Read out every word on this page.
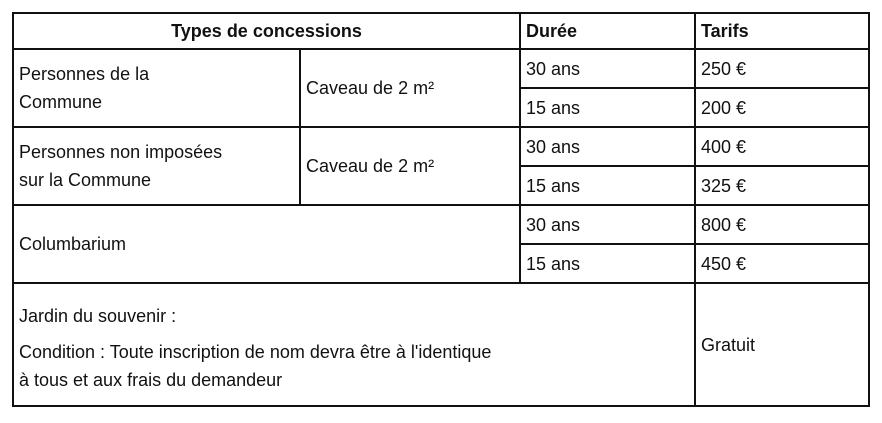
Types de concessions		Durée	Tarifs

Personnes de la
Commune	Caveau de 2 m²	30 ans	250 €
		15 ans	200 €

Personnes non imposées
sur la Commune	Caveau de 2 m²	30 ans	400 €
		15 ans	325 €
Columbarium		30 ans	800 €
		15 ans	450 €

Jardin du souvenir :
Condition : Toute inscription de nom devra être à l'identique
à tous et aux frais du demandeur			Gratuit
